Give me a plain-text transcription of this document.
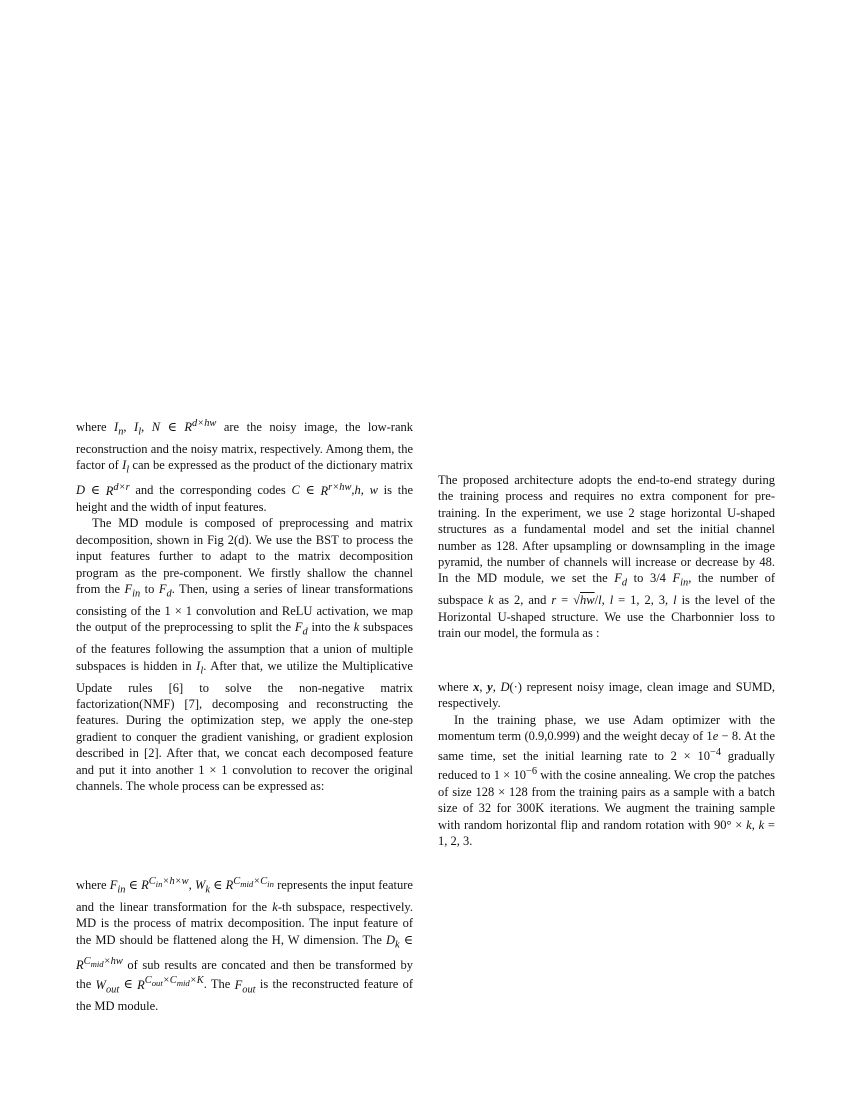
where $I_n$, $I_l$, N ∈ $R^{d\times hw}$ are the noisy image, the low-rank reconstruction and the noisy matrix, respectively. Among them, the factor of $I_l$ can be expressed as the product of the dictionary matrix D ∈ $R^{d\times r}$ and the corresponding codes C ∈ $R^{r\times hw},h$, w is the height and the width of input features.

The MD module is composed of preprocessing and matrix decomposition, shown in Fig 2(d). We use the BST to process the input features further to adapt to the matrix decomposition program as the pre-component. We firstly shallow the channel from the $F_{in}$ to $F_d$. Then, using a series of linear transformations consisting of the 1 × 1 convolution and ReLU activation, we map the output of the preprocessing to split the $F_d$ into the k subspaces of the features following the assumption that a union of multiple subspaces is hidden in $I_l$. After that, we utilize the Multiplicative Update rules [6] to solve the non-negative matrix factorization(NMF) [7], decomposing and reconstructing the features. During the optimization step, we apply the one-step gradient to conquer the gradient vanishing, or gradient explosion described in [2]. After that, we concat each decomposed feature and put it into another 1 × 1 convolution to recover the original channels. The whole process can be expressed as:

where $F_{in}$ ∈ $R^{C_{in}\times h\times w}$, $W_k$ ∈ $R^{C_{mid}\times C_{in}}$ represents the input feature and the linear transformation for the k-th subspace, respectively. MD is the process of matrix decomposition. The input feature of the MD should be flattened along the H, W dimension. The $D_k$ ∈ $R^{C_{mid}\times hw}$ of sub results are concated and then be transformed by the $W_{out}$ ∈ $R^{C_{out}\times C_{mid}\times K}$. The $F_{out}$ is the reconstructed feature of the MD module.

The proposed architecture adopts the end-to-end strategy during the training process and requires no extra component for pre-training. In the experiment, we use 2 stage horizontal U-shaped structures as a fundamental model and set the initial channel number as 128. After upsampling or downsampling in the image pyramid, the number of channels will increase or decrease by 48. In the MD module, we set the $F_d$ to 3/4 $F_{in}$, the number of subspace k as 2, and r = √hw/l, l = 1, 2, 3, l is the level of the Horizontal U-shaped structure. We use the Charbonnier loss to train our model, the formula as :

where x, y, D(·) represent noisy image, clean image and SUMD, respectively.

In the training phase, we use Adam optimizer with the momentum term (0.9,0.999) and the weight decay of 1e − 8. At the same time, set the initial learning rate to $2 \times 10^{-4}$ gradually reduced to $1 \times 10^{-6}$ with the cosine annealing. We crop the patches of size 128 × 128 from the training pairs as a sample with a batch size of 32 for 300K iterations. We augment the training sample with random horizontal flip and random rotation with 90° × k, k = 1, 2, 3.
